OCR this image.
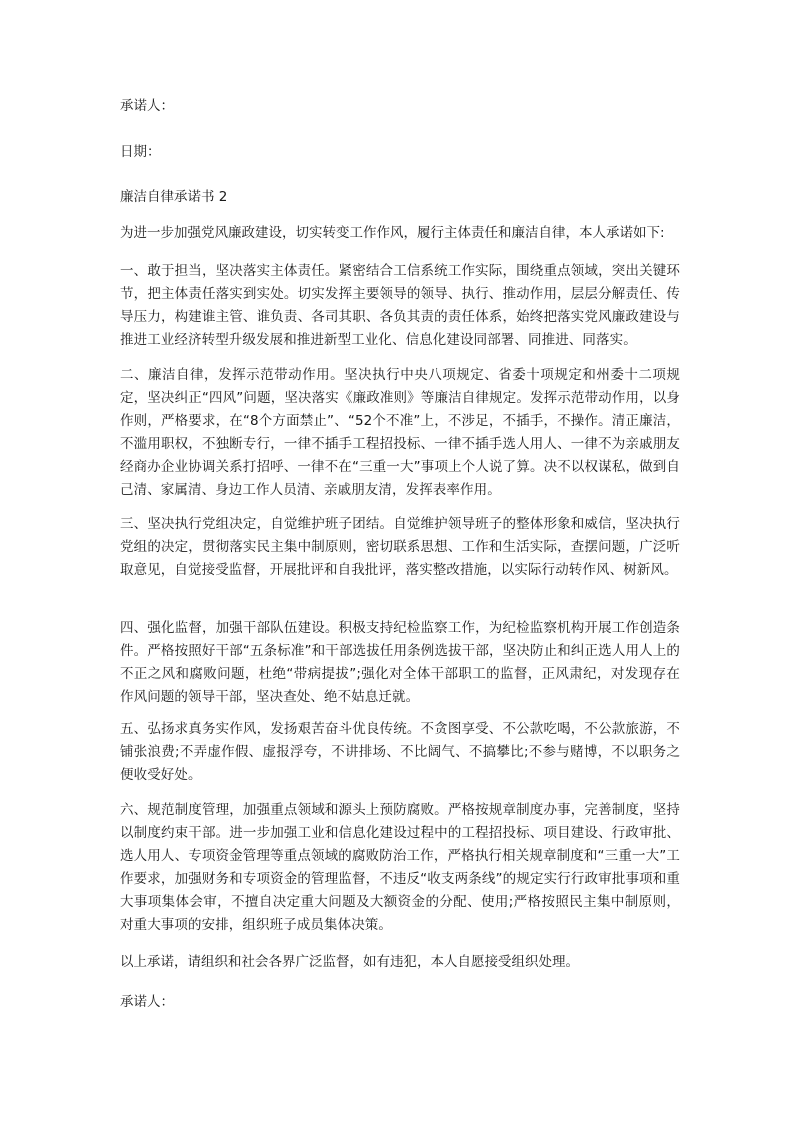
承诺人：
日期：
廉洁自律承诺书 2
为进一步加强党风廉政建设，切实转变工作作风，履行主体责任和廉洁自律，本人承诺如下:
一、敢于担当，坚决落实主体责任。紧密结合工信系统工作实际，围绕重点领域，突出关键环节，把主体责任落实到实处。切实发挥主要领导的领导、执行、推动作用，层层分解责任、传导压力，构建谁主管、谁负责、各司其职、各负其责的责任体系，始终把落实党风廉政建设与推进工业经济转型升级发展和推进新型工业化、信息化建设同部署、同推进、同落实。
二、廉洁自律，发挥示范带动作用。坚决执行中央八项规定、省委十项规定和州委十二项规定，坚决纠正“四风”问题，坚决落实《廉政准则》等廉洁自律规定。发挥示范带动作用，以身作则，严格要求，在“8个方面禁止”、“52个不准”上，不涉足，不插手，不操作。清正廉洁，不滥用职权，不独断专行，一律不插手工程招投标、一律不插手选人用人、一律不为亲戚朋友经商办企业协调关系打招呼、一律不在“三重一大”事项上个人说了算。决不以权谋私，做到自己清、家属清、身边工作人员清、亲戚朋友清，发挥表率作用。
三、坚决执行党组决定，自觉维护班子团结。自觉维护领导班子的整体形象和威信，坚决执行党组的决定，贯彻落实民主集中制原则，密切联系思想、工作和生活实际，查摆问题，广泛听取意见，自觉接受监督，开展批评和自我批评，落实整改措施，以实际行动转作风、树新风。
四、强化监督，加强干部队伍建设。积极支持纪检监察工作，为纪检监察机构开展工作创造条件。严格按照好干部“五条标准”和干部选拔任用条例选拔干部，坚决防止和纠正选人用人上的不正之风和腐败问题，杜绝“带病提拔”;强化对全体干部职工的监督，正风肃纪，对发现存在作风问题的领导干部，坚决查处、绝不姑息迁就。
五、弘扬求真务实作风，发扬艰苦奋斗优良传统。不贪图享受、不公款吃喝，不公款旅游，不铺张浪费;不弄虚作假、虚报浮夸，不讲排场、不比阔气、不搞攀比;不参与赌博，不以职务之便收受好处。
六、规范制度管理，加强重点领域和源头上预防腐败。严格按规章制度办事，完善制度，坚持以制度约束干部。进一步加强工业和信息化建设过程中的工程招投标、项目建设、行政审批、选人用人、专项资金管理等重点领域的腐败防治工作，严格执行相关规章制度和“三重一大”工作要求，加强财务和专项资金的管理监督，不违反“收支两条线”的规定实行行政审批事项和重大事项集体会审，不擅自决定重大问题及大额资金的分配、使用;严格按照民主集中制原则，对重大事项的安排，组织班子成员集体决策。
以上承诺，请组织和社会各界广泛监督，如有违犯，本人自愿接受组织处理。
承诺人：
